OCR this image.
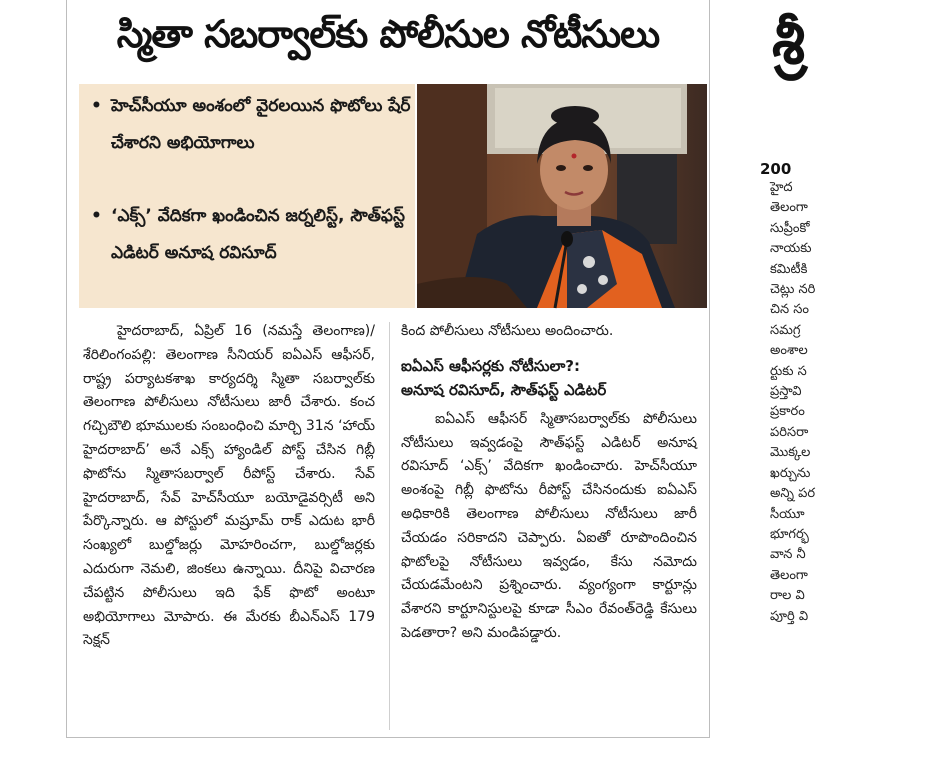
స్మితా సబర్వాల్‌కు పోలీసుల నోటీసులు
• హెచ్‌సీయూ అంశంలో వైరలయిన ఫొటోలు షేర్ చేశారని అభియోగాలు
• ‘ఎక్స్’ వేదికగా ఖండించిన జర్నలిస్ట్, సౌత్‌ఫస్ట్ ఎడిటర్ అనూష రవిసూద్

హైదరాబాద్, ఏప్రిల్ 16 (నమస్తే తెలంగాణ)/శేరిలింగంపల్లి: తెలంగాణ సీనియర్ ఐఏఎస్ ఆఫీసర్, రాష్ట్ర పర్యాటకశాఖ కార్యదర్శి స్మితా సబర్వాల్‌కు తెలంగాణ పోలీసులు నోటీసులు జారీ చేశారు. కంచ గచ్చిబౌలి భూములకు సంబంధించి మార్చి 31న ‘హాయ్ హైదరాబాద్’ అనే ఎక్స్ హ్యాండిల్ పోస్ట్ చేసిన గిబ్లీ ఫొటోను స్మితాసబర్వాల్ రీపోస్ట్ చేశారు. సేవ్ హైదరాబాద్, సేవ్ హెచ్‌సీయూ బయోడైవర్సిటీ అని పేర్కొన్నారు. ఆ పోస్టులో మష్రూమ్ రాక్ ఎదుట భారీ సంఖ్యలో బుల్డోజర్లు మోహరించగా, బుల్డోజర్లకు ఎదురుగా నెమలి, జింకలు ఉన్నాయి. దీనిపై విచారణ చేపట్టిన పోలీసులు ఇది ఫేక్ ఫొటో అంటూ అభియోగాలు మోపారు. ఈ మేరకు బీఎన్‌ఎస్ 179 సెక్షన్

కింద పోలీసులు నోటీసులు అందించారు.

ఐఏఎస్ ఆఫీసర్లకు నోటీసులా?:
అనూష రవిసూద్, సౌత్‌ఫస్ట్ ఎడిటర్

ఐఏఎస్ ఆఫీసర్ స్మితాసబర్వాల్‌కు పోలీసులు నోటీసులు ఇవ్వడంపై సౌత్‌ఫస్ట్ ఎడిటర్ అనూష రవిసూద్ ‘ఎక్స్’ వేదికగా ఖండించారు. హెచ్‌సీయూ అంశంపై గిబ్లీ ఫొటోను రీపోస్ట్ చేసినందుకు ఐఏఎస్ అధికారికి తెలంగాణ పోలీసులు నోటీసులు జారీ చేయడం సరికాదని చెప్పారు. ఏఐతో రూపొందించిన ఫొటోలపై నోటీసులు ఇవ్వడం, కేసు నమోదు చేయడమేంటని ప్రశ్నించారు. వ్యంగ్యంగా కార్టూన్లు వేశారని కార్టూనిస్టులపై కూడా సీఎం రేవంత్‌రెడ్డి కేసులు పెడతారా? అని మండిపడ్డారు.

శ్రీ
200
హైద
తెలంగా
సుప్రీంకో
నాయకు
కమిటీకి
చెట్లు నరి
చిన సం
సమగ్ర
అంశాల
ర్టుకు స
ప్రస్తావి
ప్రకారం
పరిసరా
మొక్కల
ఖర్చును
అన్ని పర
సీయూ
భూగర్భ
వాన నీ
తెలంగా
రాల వి
పూర్తి వి
